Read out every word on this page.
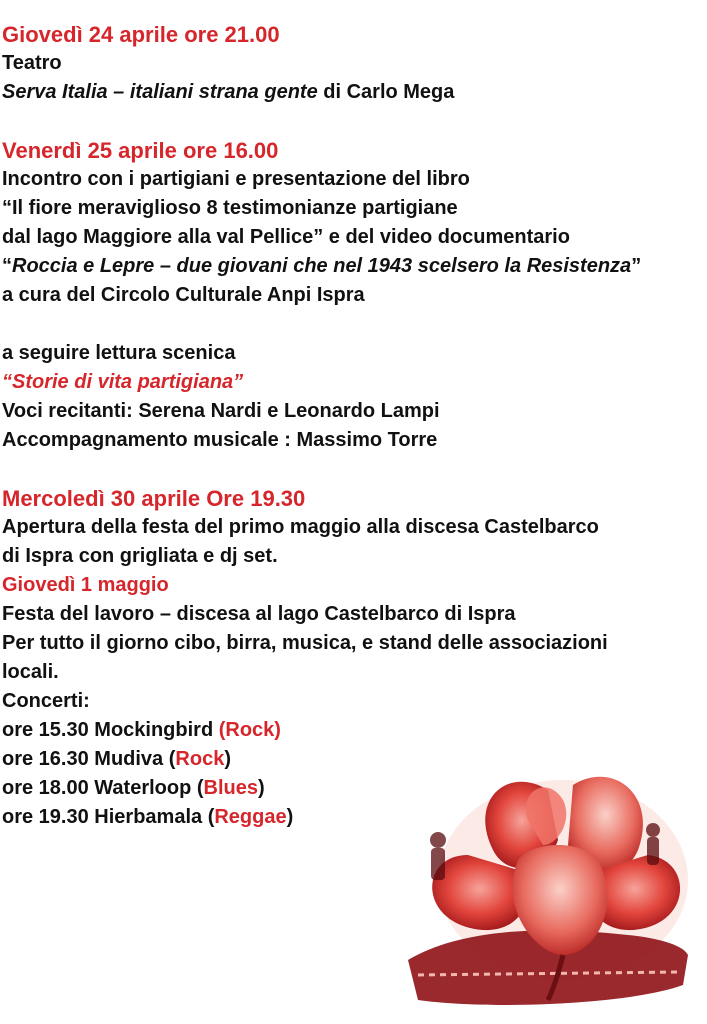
Giovedì 24 aprile ore 21.00
Teatro
Serva Italia – italiani strana gente di Carlo Mega
Venerdì 25 aprile ore 16.00
Incontro con i partigiani e presentazione del libro
“Il fiore meraviglioso 8 testimonianze partigiane
dal lago Maggiore alla val Pellice” e del video documentario
“Roccia e Lepre – due giovani che nel 1943 scelsero la Resistenza”
a cura del Circolo Culturale Anpi Ispra
a seguire lettura scenica
“Storie di vita partigiana”
Voci recitanti: Serena Nardi e Leonardo Lampi
Accompagnamento musicale : Massimo Torre
Mercoledì 30 aprile Ore 19.30
Apertura della festa del primo maggio alla discesa Castelbarco
di Ispra con grigliata e dj set.
Giovedì 1 maggio
Festa del lavoro – discesa al lago Castelbarco di Ispra
Per tutto il giorno cibo, birra, musica, e stand delle associazioni
locali.
Concerti:
ore 15.30 Mockingbird (Rock)
ore 16.30 Mudiva (Rock)
ore 18.00 Waterloop (Blues)
ore 19.30 Hierbamala (Reggae)
